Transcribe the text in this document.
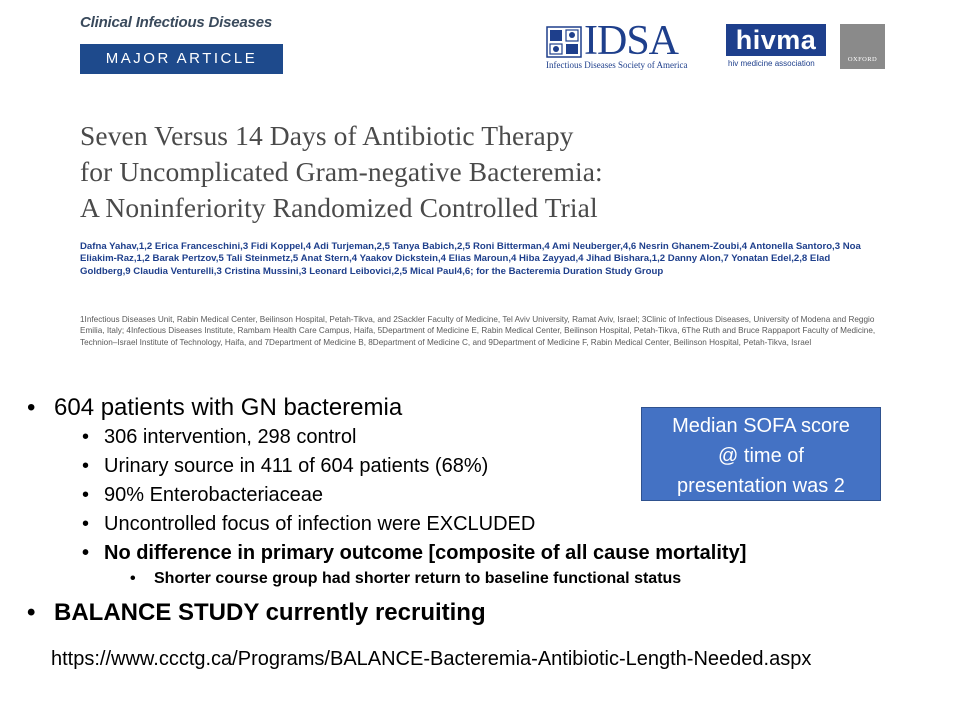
Clinical Infectious Diseases
MAJOR ARTICLE	IDSA
Infectious Diseases Society of America
hivma
hiv medicine association	OXFORD
Seven Versus 14 Days of Antibiotic Therapy
for Uncomplicated Gram-negative Bacteremia:
A Noninferiority Randomized Controlled Trial
Dafna Yahav,1,2 Erica Franceschini,3 Fidi Koppel,4 Adi Turjeman,2,5 Tanya Babich,2,5 Roni Bitterman,4 Ami Neuberger,4,6 Nesrin Ghanem-Zoubi,4 Antonella Santoro,3 Noa Eliakim-Raz,1,2 Barak Pertzov,5 Tali Steinmetz,5 Anat Stern,4 Yaakov Dickstein,4 Elias Maroun,4 Hiba Zayyad,4 Jihad Bishara,1,2 Danny Alon,7 Yonatan Edel,2,8 Elad Goldberg,9 Claudia Venturelli,3 Cristina Mussini,3 Leonard Leibovici,2,5 Mical Paul4,6; for the Bacteremia Duration Study Group
1Infectious Diseases Unit, Rabin Medical Center, Beilinson Hospital, Petah-Tikva, and 2Sackler Faculty of Medicine, Tel Aviv University, Ramat Aviv, Israel; 3Clinic of Infectious Diseases, University of Modena and Reggio Emilia, Italy; 4Infectious Diseases Institute, Rambam Health Care Campus, Haifa, 5Department of Medicine E, Rabin Medical Center, Beilinson Hospital, Petah-Tikva, 6The Ruth and Bruce Rappaport Faculty of Medicine, Technion–Israel Institute of Technology, Haifa, and 7Department of Medicine B, 8Department of Medicine C, and 9Department of Medicine F, Rabin Medical Center, Beilinson Hospital, Petah-Tikva, Israel
• 604 patients with GN bacteremia
• 306 intervention, 298 control
• Urinary source in 411 of 604 patients (68%)
• 90% Enterobacteriaceae
• Uncontrolled focus of infection were EXCLUDED
• No difference in primary outcome [composite of all cause mortality]
• Shorter course group had shorter return to baseline functional status
• BALANCE STUDY currently recruiting
https://www.ccctg.ca/Programs/BALANCE-Bacteremia-Antibiotic-Length-Needed.aspx
Median SOFA score
@ time of
presentation was 2
